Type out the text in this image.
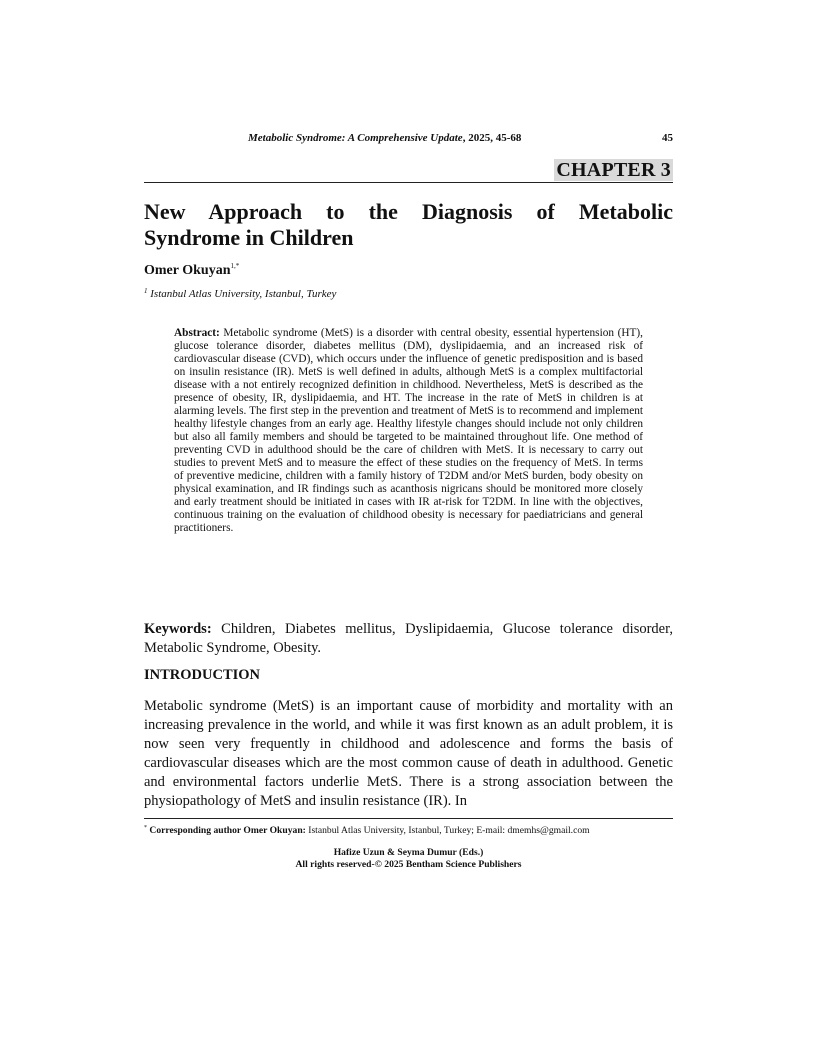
Metabolic Syndrome: A Comprehensive Update, 2025, 45-68	45
CHAPTER 3
New Approach to the Diagnosis of Metabolic
Syndrome in Children
Omer Okuyan$^{1,*}$
$^1$ Istanbul Atlas University, Istanbul, Turkey
Abstract: Metabolic syndrome (MetS) is a disorder with central obesity, essential hypertension (HT), glucose tolerance disorder, diabetes mellitus (DM), dyslipidaemia, and an increased risk of cardiovascular disease (CVD), which occurs under the influence of genetic predisposition and is based on insulin resistance (IR). MetS is well defined in adults, although MetS is a complex multifactorial disease with a not entirely recognized definition in childhood. Nevertheless, MetS is described as the presence of obesity, IR, dyslipidaemia, and HT. The increase in the rate of MetS in children is at alarming levels. The first step in the prevention and treatment of MetS is to recommend and implement healthy lifestyle changes from an early age. Healthy lifestyle changes should include not only children but also all family members and should be targeted to be maintained throughout life. One method of preventing CVD in adulthood should be the care of children with MetS. It is necessary to carry out studies to prevent MetS and to measure the effect of these studies on the frequency of MetS. In terms of preventive medicine, children with a family history of T2DM and/or MetS burden, body obesity on physical examination, and IR findings such as acanthosis nigricans should be monitored more closely and early treatment should be initiated in cases with IR at-risk for T2DM. In line with the objectives, continuous training on the evaluation of childhood obesity is necessary for paediatricians and general practitioners.
Keywords: Children, Diabetes mellitus, Dyslipidaemia, Glucose tolerance disorder, Metabolic Syndrome, Obesity.
INTRODUCTION
Metabolic syndrome (MetS) is an important cause of morbidity and mortality with an increasing prevalence in the world, and while it was first known as an adult problem, it is now seen very frequently in childhood and adolescence and forms the basis of cardiovascular diseases which are the most common cause of death in adulthood. Genetic and environmental factors underlie MetS. There is a strong association between the physiopathology of MetS and insulin resistance (IR). In
* Corresponding author Omer Okuyan: Istanbul Atlas University, Istanbul, Turkey; E-mail: dmemhs@gmail.com
Hafize Uzun & Seyma Dumur (Eds.)
All rights reserved-© 2025 Bentham Science Publishers
